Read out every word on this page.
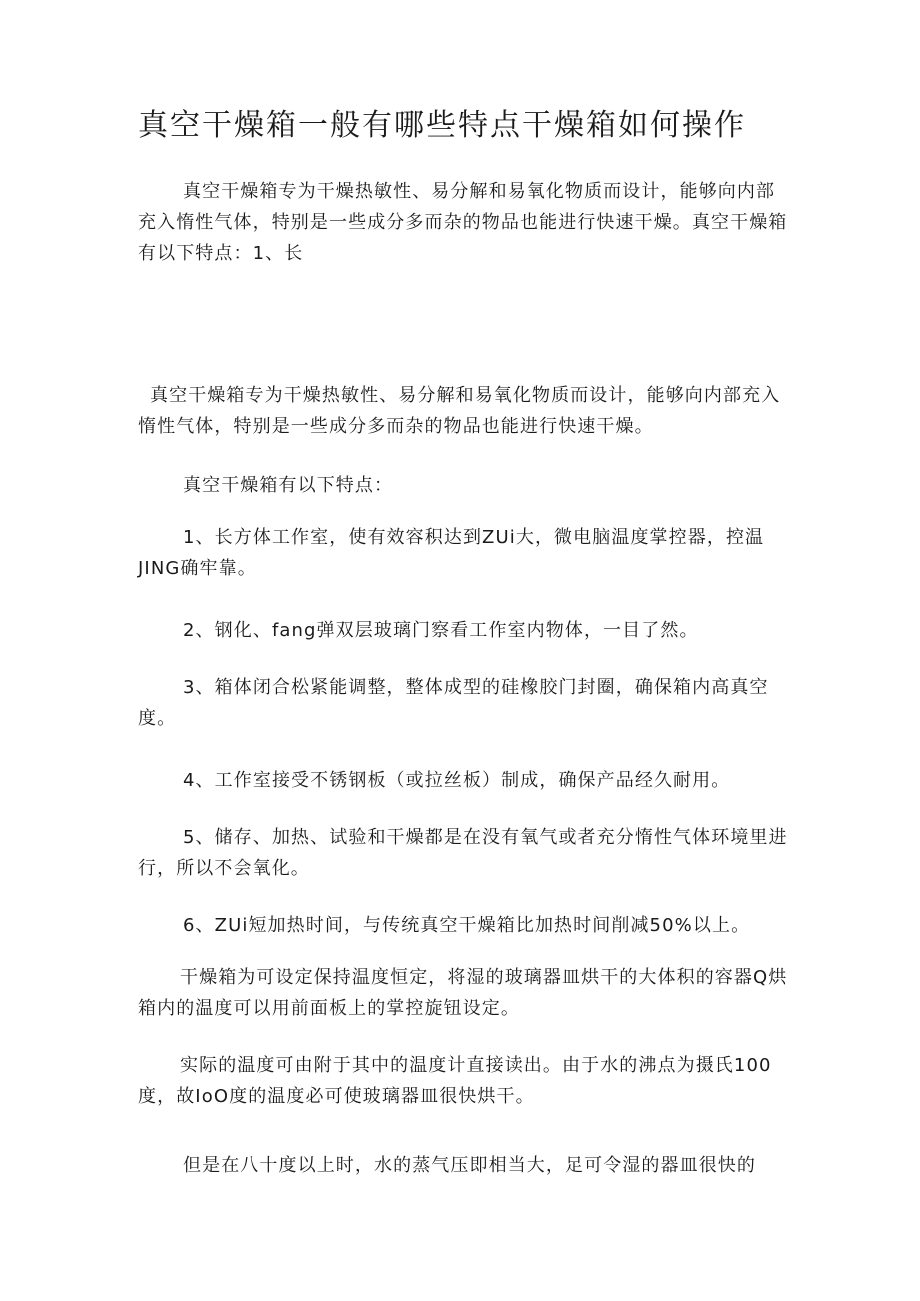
真空干燥箱一般有哪些特点干燥箱如何操作

真空干燥箱专为干燥热敏性、易分解和易氧化物质而设计，能够向内部充入惰性气体，特别是一些成分多而杂的物品也能进行快速干燥。真空干燥箱有以下特点：1、长

真空干燥箱专为干燥热敏性、易分解和易氧化物质而设计，能够向内部充入惰性气体，特别是一些成分多而杂的物品也能进行快速干燥。

真空干燥箱有以下特点：

1、长方体工作室，使有效容积达到ZUi大，微电脑温度掌控器，控温JING确牢靠。

2、钢化、fang弹双层玻璃门察看工作室内物体，一目了然。

3、箱体闭合松紧能调整，整体成型的硅橡胶门封圈，确保箱内高真空度。

4、工作室接受不锈钢板（或拉丝板）制成，确保产品经久耐用。

5、储存、加热、试验和干燥都是在没有氧气或者充分惰性气体环境里进行，所以不会氧化。

6、ZUi短加热时间，与传统真空干燥箱比加热时间削减50%以上。

干燥箱为可设定保持温度恒定，将湿的玻璃器皿烘干的大体积的容器Q烘箱内的温度可以用前面板上的掌控旋钮设定。

实际的温度可由附于其中的温度计直接读出。由于水的沸点为摄氏100度，故IoO度的温度必可使玻璃器皿很快烘干。

但是在八十度以上时，水的蒸气压即相当大，足可令湿的器皿很快的
